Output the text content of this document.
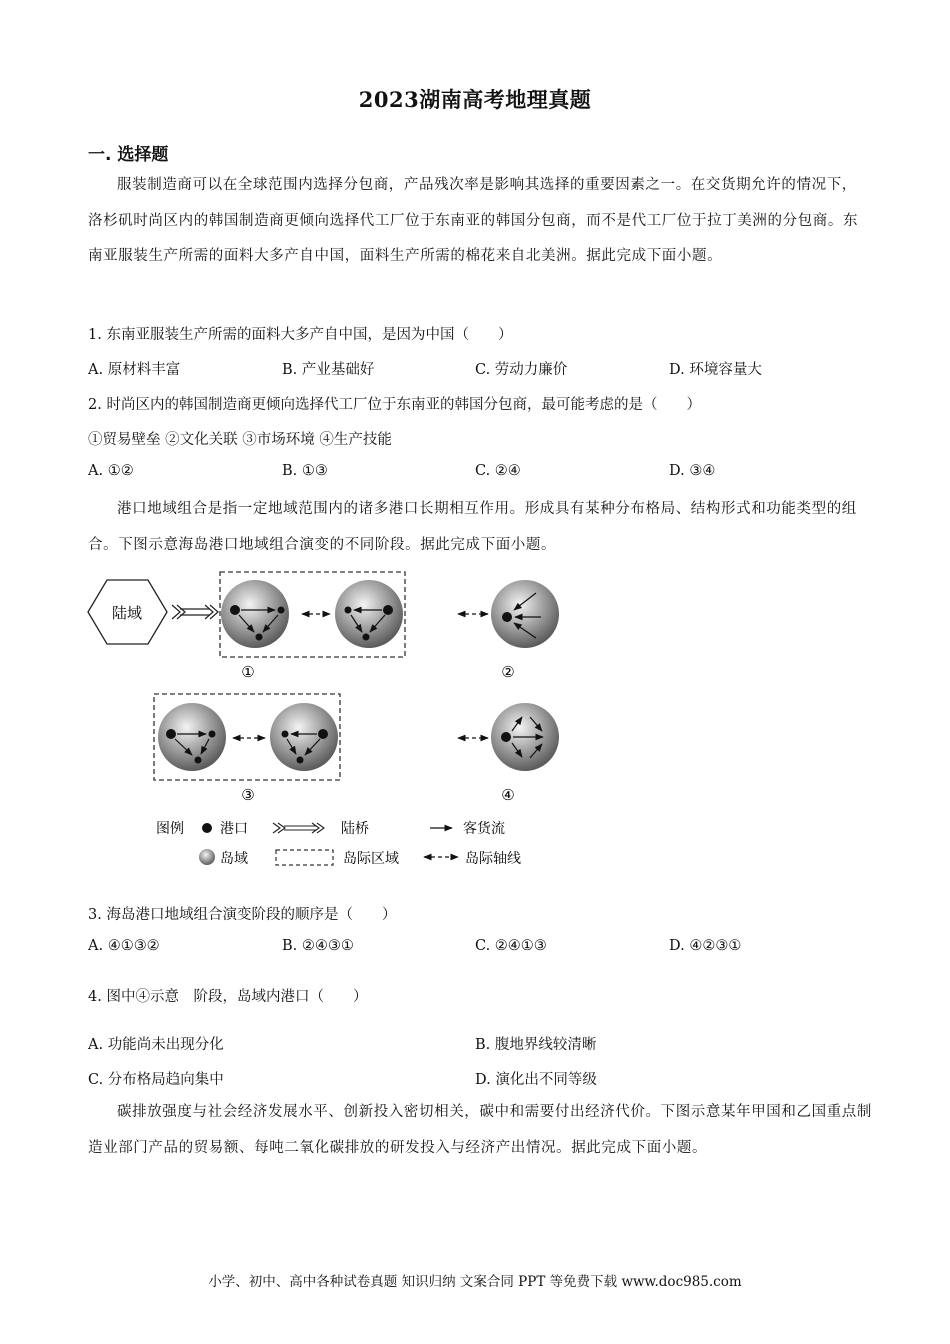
2023湖南高考地理真题
一. 选择题

服装制造商可以在全球范围内选择分包商，产品残次率是影响其选择的重要因素之一。在交货期允许的情况下，洛杉矶时尚区内的韩国制造商更倾向选择代工厂位于东南亚的韩国分包商，而不是代工厂位于拉丁美洲的分包商。东南亚服装生产所需的面料大多产自中国，面料生产所需的棉花来自北美洲。据此完成下面小题。

1. 东南亚服装生产所需的面料大多产自中国，是因为中国（　　）
A. 原材料丰富	B. 产业基础好	C. 劳动力廉价	D. 环境容量大
2. 时尚区内的韩国制造商更倾向选择代工厂位于东南亚的韩国分包商，最可能考虑的是（　　）
①贸易壁垒 ②文化关联 ③市场环境 ④生产技能
A. ①②	B. ①③	C. ②④	D. ③④

港口地域组合是指一定地域范围内的诸多港口长期相互作用。形成具有某种分布格局、结构形式和功能类型的组合。下图示意海岛港口地域组合演变的不同阶段。据此完成下面小题。

陆域
①	②
③	④
图例	港口	陆桥	客货流
岛域	岛际区域	岛际轴线
3. 海岛港口地域组合演变阶段的顺序是（　　）
A. ④①③②	B. ②④③①	C. ②④①③	D. ④②③①
4. 图中④示意　阶段，岛域内港口（　　）
A. 功能尚未出现分化	B. 腹地界线较清晰
C. 分布格局趋向集中	D. 演化出不同等级

碳排放强度与社会经济发展水平、创新投入密切相关，碳中和需要付出经济代价。下图示意某年甲国和乙国重点制造业部门产品的贸易额、每吨二氧化碳排放的研发投入与经济产出情况。据此完成下面小题。

小学、初中、高中各种试卷真题 知识归纳 文案合同 PPT 等免费下载 www.doc985.com
